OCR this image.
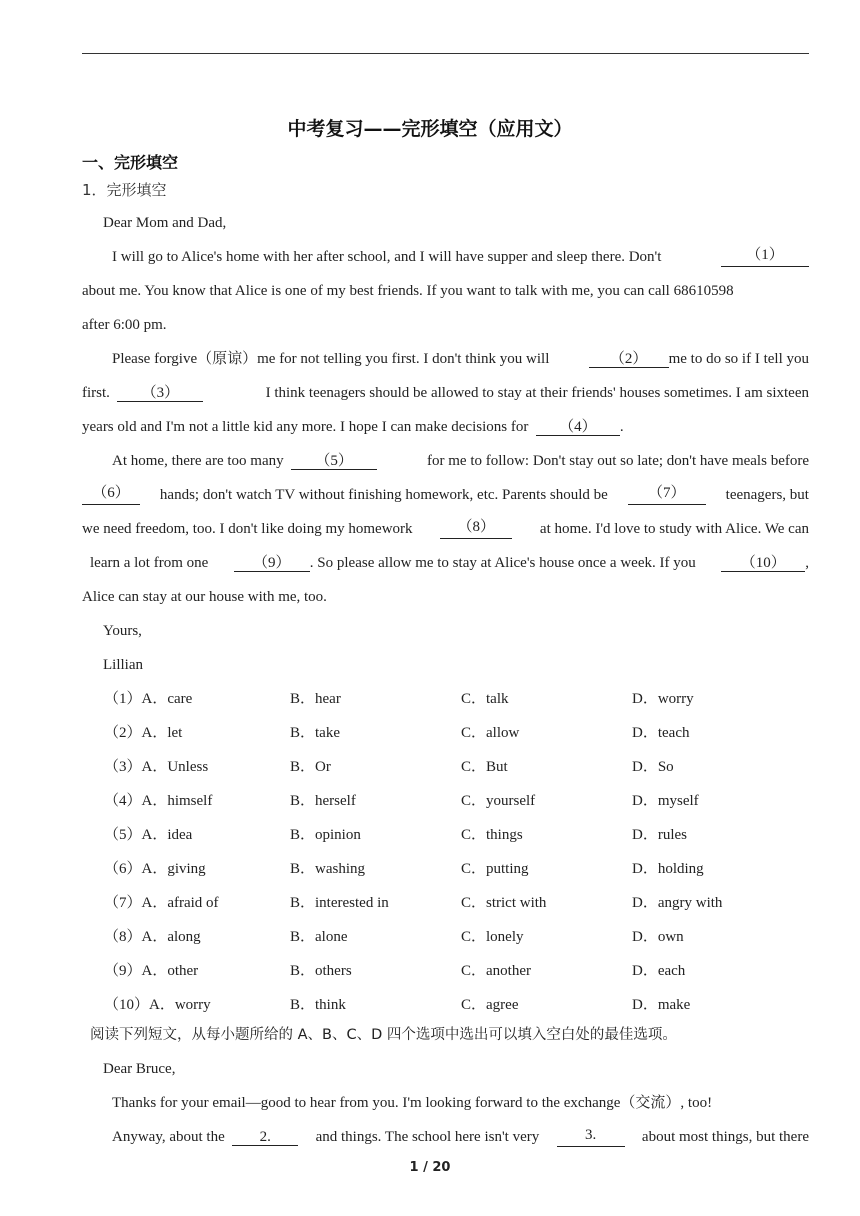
中考复习——完形填空（应用文）
一、完形填空
1．完形填空
Dear Mom and Dad,
I will go to Alice's home with her after school, and I will have supper and sleep there. Don't	（1）
about me. You know that Alice is one of my best friends. If you want to talk with me, you can call 68610598
after 6:00 pm.
Please forgive（原谅）me for not telling you first. I don't think you will	（2） me to do so if I tell you
first. （3）	I think teenagers should be allowed to stay at their friends' houses sometimes. I am sixteen
years old and I'm not a little kid any more. I hope I can make decisions for （4） .
At home, there are too many （5）	for me to follow: Don't stay out so late; don't have meals before
（6）	hands; don't watch TV without finishing homework, etc. Parents should be	（7）	teenagers, but
we need freedom, too. I don't like doing my homework	（8）	at home. I'd love to study with Alice. We can
learn a lot from one	（9） . So please allow me to stay at Alice's house once a week. If you	（10） ,
Alice can stay at our house with me, too.
Yours,
Lillian
（1）A．care	B．hear	C．talk	D．worry
（2）A．let	B．take	C．allow	D．teach
（3）A．Unless	B．Or	C．But	D．So
（4）A．himself	B．herself	C．yourself	D．myself
（5）A．idea	B．opinion	C．things	D．rules
（6）A．giving	B．washing	C．putting	D．holding
（7）A．afraid of	B．interested in	C．strict with	D．angry with
（8）A．along	B．alone	C．lonely	D．own
（9）A．other	B．others	C．another	D．each
（10）A．worry	B．think	C．agree	D．make
阅读下列短文，从每小题所给的 A、B、C、D 四个选项中选出可以填入空白处的最佳选项。
Dear Bruce,
Thanks for your email—good to hear from you. I'm looking forward to the exchange（交流）, too!
Anyway, about the 2.	and things. The school here isn't very	3.	about most things, but there
1 / 20
